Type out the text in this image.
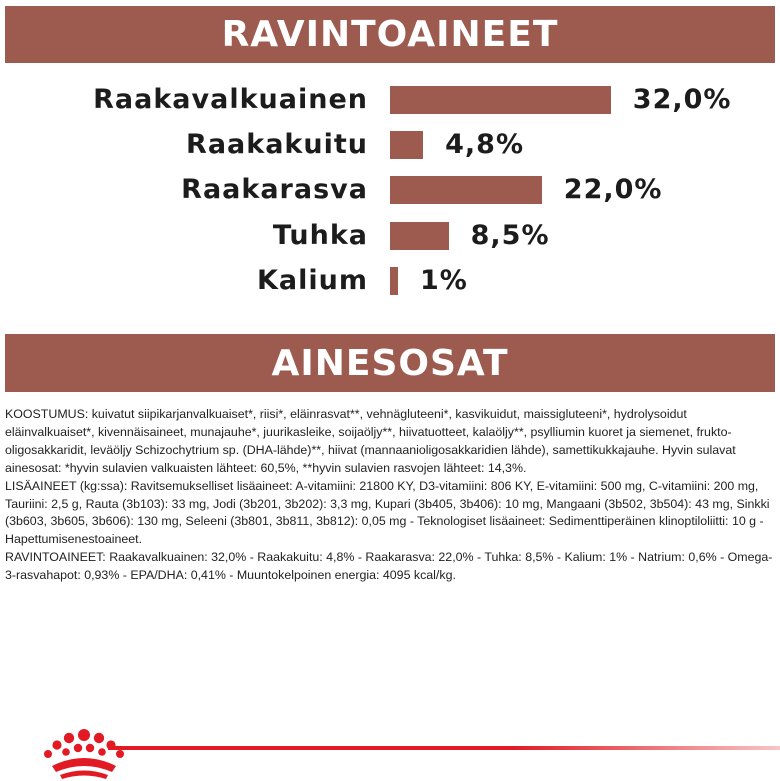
RAVINTOAINEET
Raakavalkuainen	32,0%
Raakakuitu	4,8%
Raakarasva	22,0%
Tuhka	8,5%
Kalium 1%
AINESOSAT

KOOSTUMUS: kuivatut siipikarjanvalkuaiset*, riisi*, eläinrasvat**, vehnägluteeni*, kasvikuidut, maissigluteeni*, hydrolysoidut eläinvalkuaiset*, kivennäisaineet, munajauhe*, juurikasleike, soijaöljy**, hiivatuotteet, kalaöljy**, psylliumin kuoret ja siemenet, frukto-oligosakkaridit, leväöljy Schizochytrium sp. (DHA-lähde)**, hiivat (mannaanioligosakkaridien lähde), samettikukkajauhe. Hyvin sulavat ainesosat: *hyvin sulavien valkuaisten lähteet: 60,5%, **hyvin sulavien rasvojen lähteet: 14,3%.

LISÄAINEET (kg:ssa): Ravitsemukselliset lisäaineet: A-vitamiini: 21800 KY, D3-vitamiini: 806 KY, E-vitamiini: 500 mg, C-vitamiini: 200 mg, Tauriini: 2,5 g, Rauta (3b103): 33 mg, Jodi (3b201, 3b202): 3,3 mg, Kupari (3b405, 3b406): 10 mg, Mangaani (3b502, 3b504): 43 mg, Sinkki (3b603, 3b605, 3b606): 130 mg, Seleeni (3b801, 3b811, 3b812): 0,05 mg - Teknologiset lisäaineet: Sedimenttiperäinen klinoptiloliitti: 10 g - Hapettumisenestoaineet.

RAVINTOAINEET: Raakavalkuainen: 32,0% - Raakakuitu: 4,8% - Raakarasva: 22,0% - Tuhka: 8,5% - Kalium: 1% - Natrium: 0,6% - Omega-3-rasvahapot: 0,93% - EPA/DHA: 0,41% - Muuntokelpoinen energia: 4095 kcal/kg.
